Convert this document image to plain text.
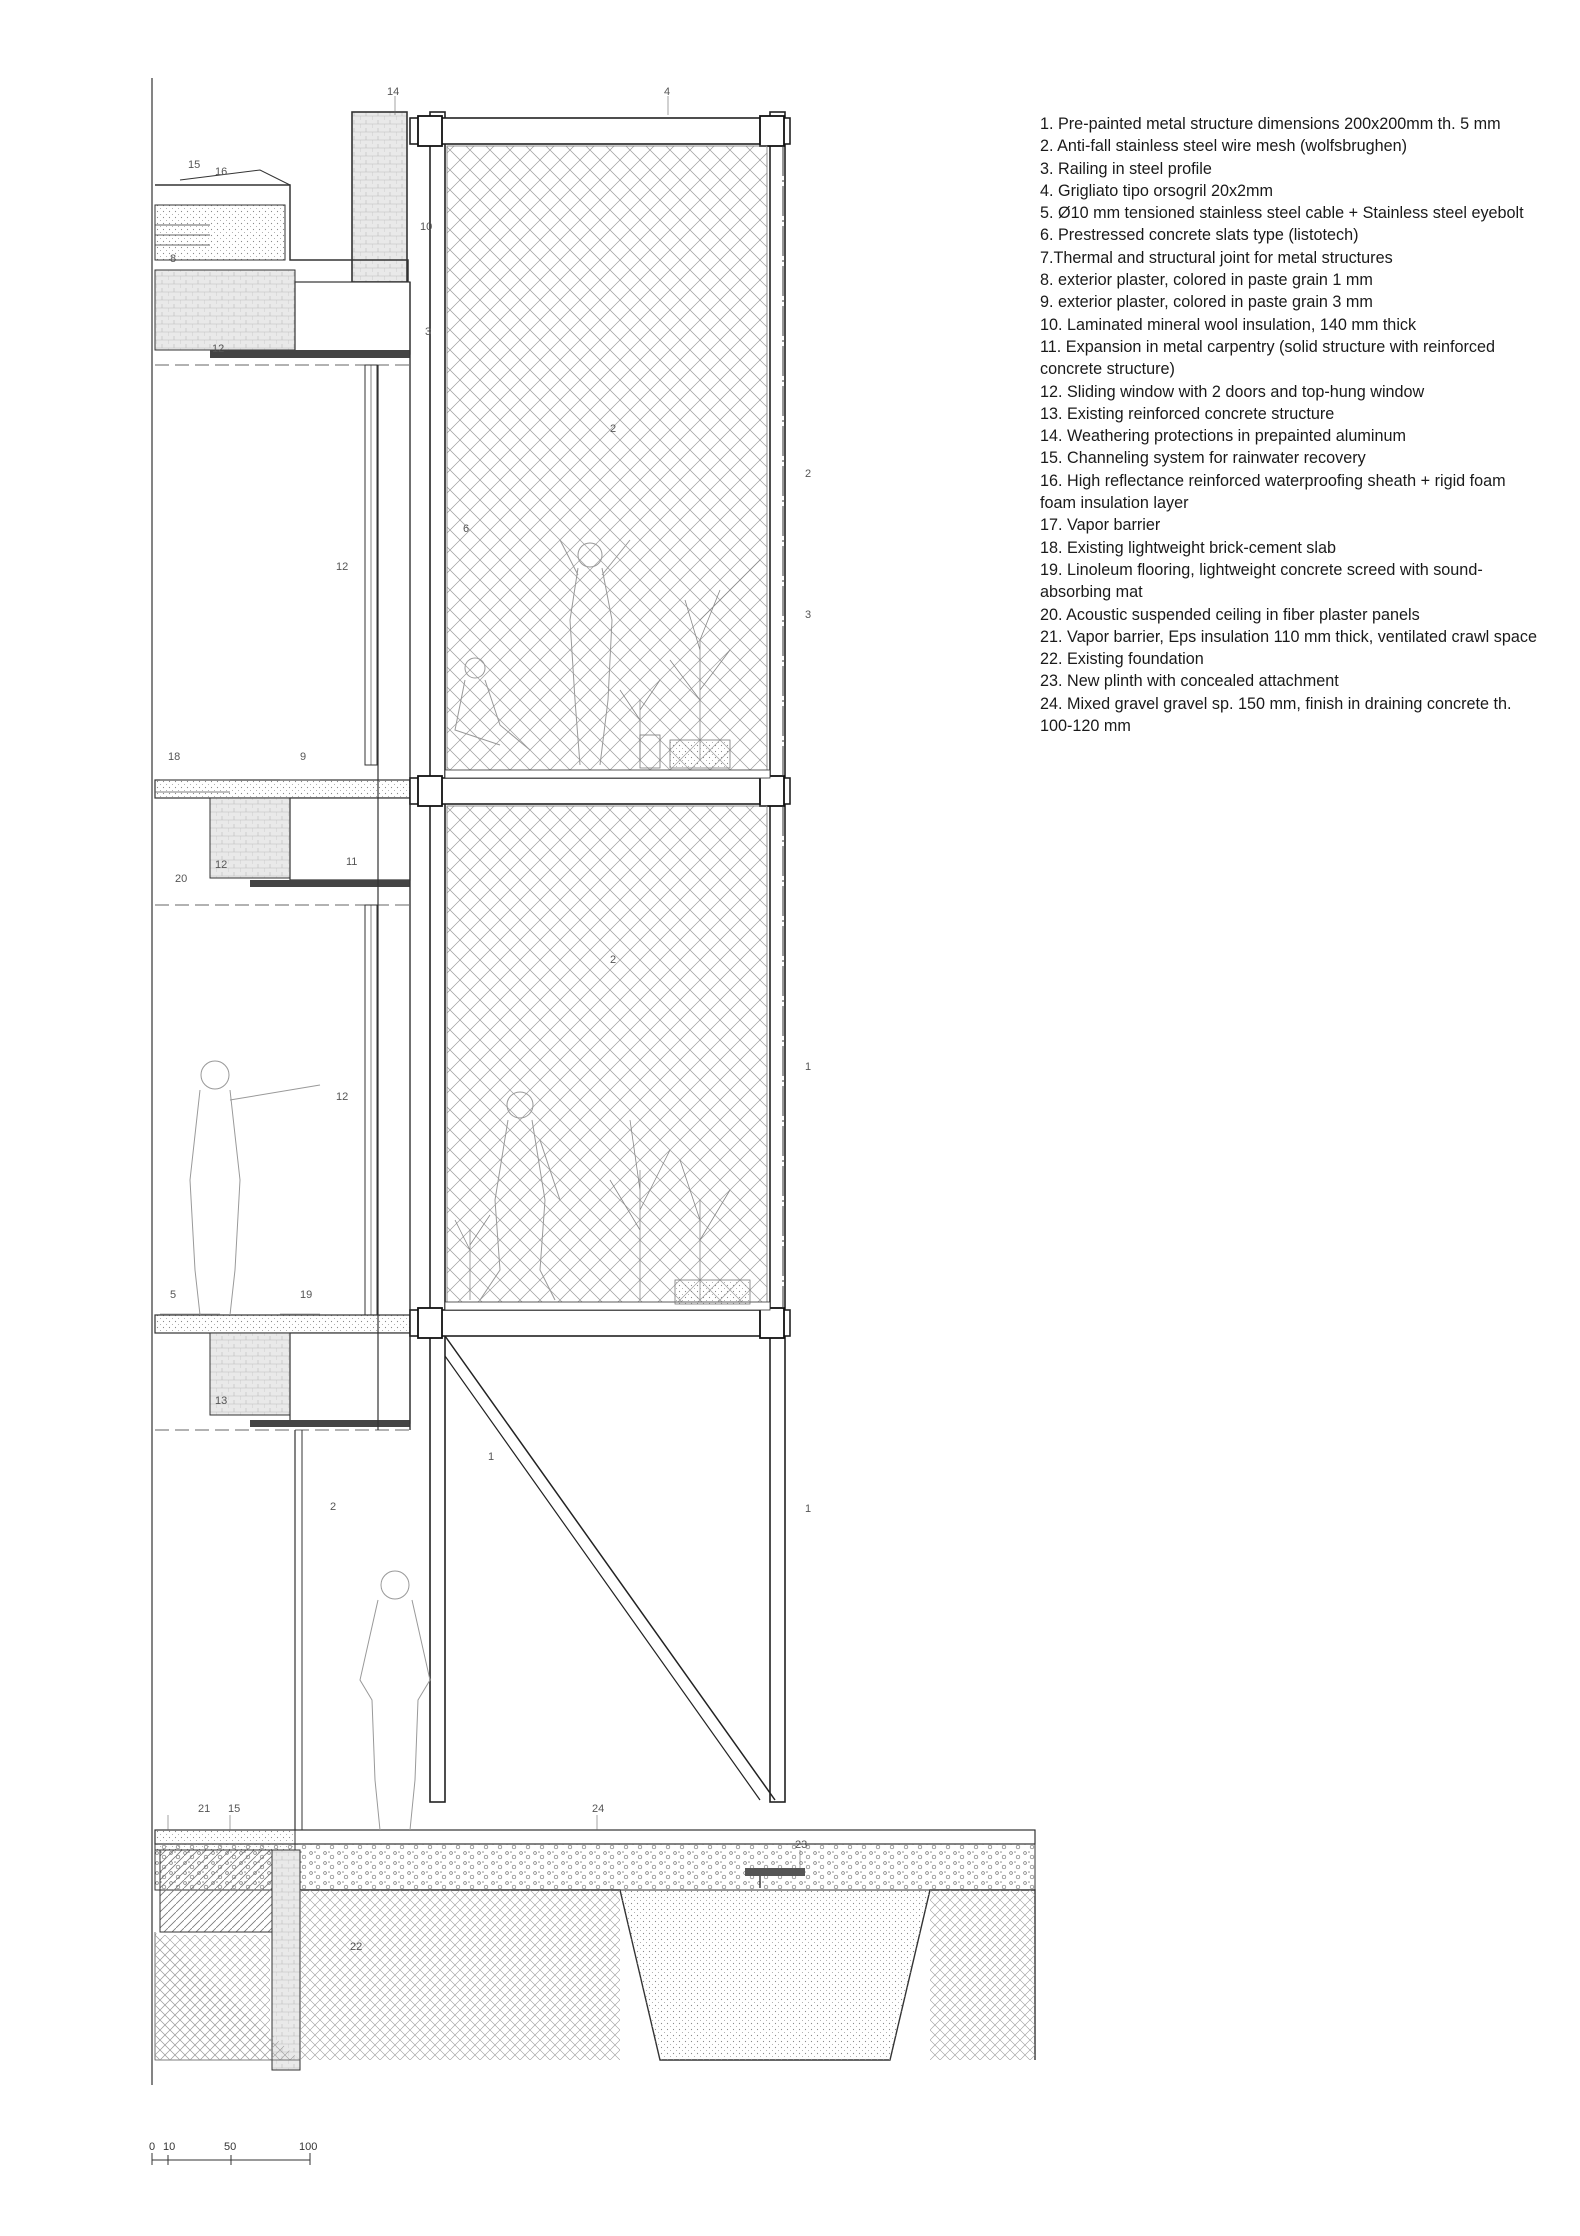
14	4
15
16
10
8
3
12
2
2
12
6
3
18	9
12
20
11
2
1
12
5	19
13
1
2	1
21 15	24
23
22
0 10	50	100
1. Pre-painted metal structure dimensions 200x200mm th. 5 mm
2. Anti-fall stainless steel wire mesh (wolfsbrughen)
3. Railing in steel profile
4. Grigliato tipo orsogril 20x2mm
5. Ø10 mm tensioned stainless steel cable + Stainless steel eyebolt
6. Prestressed concrete slats type (listotech)
7.Thermal and structural joint for metal structures
8. exterior plaster, colored in paste grain 1 mm
9. exterior plaster, colored in paste grain 3 mm
10. Laminated mineral wool insulation, 140 mm thick
11. Expansion in metal carpentry (solid structure with reinforced concrete structure)
12. Sliding window with 2 doors and top-hung window
13. Existing reinforced concrete structure
14. Weathering protections in prepainted aluminum
15. Channeling system for rainwater recovery
16. High reflectance reinforced waterproofing sheath + rigid foam foam insulation layer
17. Vapor barrier
18. Existing lightweight brick-cement slab
19. Linoleum flooring, lightweight concrete screed with sound-absorbing mat
20. Acoustic suspended ceiling in fiber plaster panels
21. Vapor barrier, Eps insulation 110 mm thick, ventilated crawl space
22. Existing foundation
23. New plinth with concealed attachment
24. Mixed gravel gravel sp. 150 mm, finish in draining concrete th. 100-120 mm
